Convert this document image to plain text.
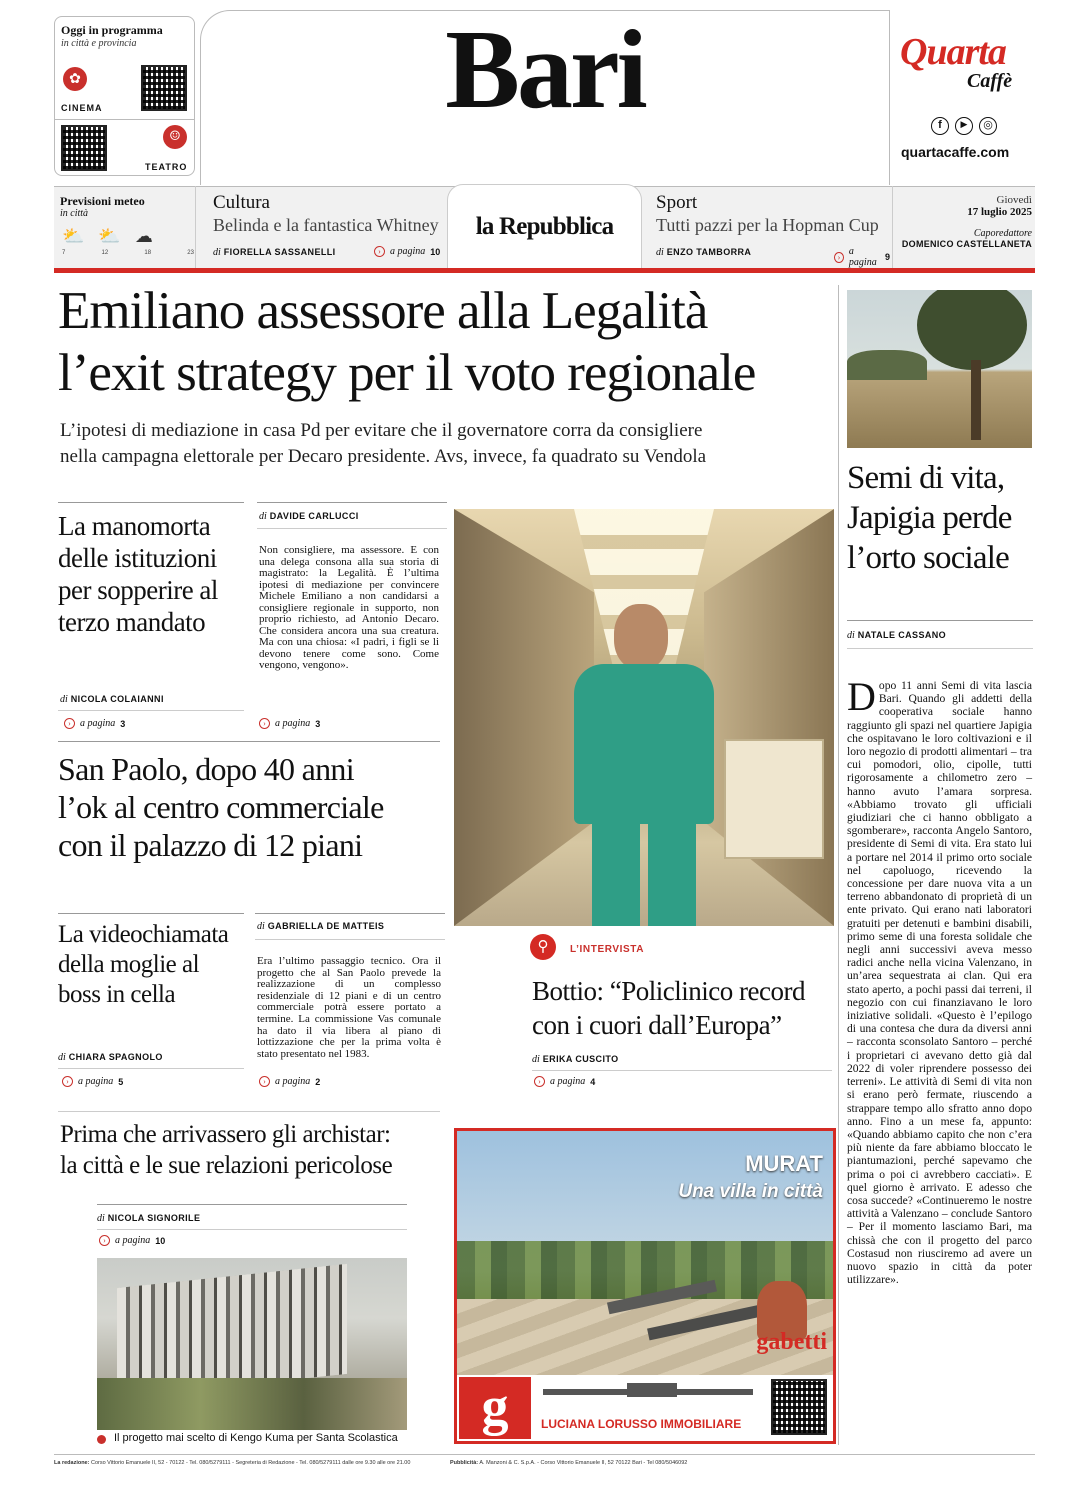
Oggi in programma
in città e provincia
✿
CINEMA
☺
TEATRO
Bari	Quarta
Caffè
f	▶	◎
quartacaffe.com
Previsioni meteo
in città
⛅ ⛅ ☁
7	12	18	23
Cultura
Belinda e la fantastica Whitney
di FIORELLA SASSANELLI	› a pagina 10
la Repubblica
Sport
Tutti pazzi per la Hopman Cup
di ENZO TAMBORRA	› a pagina 9
Giovedì
17 luglio 2025
Caporedattore
DOMENICO CASTELLANETA
Emiliano assessore alla Legalità
l’exit strategy per il voto regionale
L’ipotesi di mediazione in casa Pd per evitare che il governatore corra da consigliere
nella campagna elettorale per Decaro presidente. Avs, invece, fa quadrato su Vendola
La manomorta delle istituzioni per sopperire al terzo mandato
di NICOLA COLAIANNI
› a pagina 3
di DAVIDE CARLUCCI
Non consigliere, ma assessore. E con una delega consona alla sua storia di magistrato: la Legalità. È l’ultima ipotesi di mediazione per convincere Michele Emiliano a non candidarsi a consigliere regionale in supporto, non proprio richiesto, ad Antonio Decaro. Che considera ancora una sua creatura. Ma con una chiosa: «I padri, i figli se li devono tenere come sono. Come vengono, vengono».
› a pagina 3
San Paolo, dopo 40 anni
l’ok al centro commerciale
con il palazzo di 12 piani
La videochiamata della moglie al boss in cella
di CHIARA SPAGNOLO
› a pagina 5
di GABRIELLA DE MATTEIS
Era l’ultimo passaggio tecnico. Ora il progetto che al San Paolo prevede la realizzazione di un complesso residenziale di 12 piani e di un centro commerciale potrà essere portato a termine. La commissione Vas comunale ha dato il via libera al piano di lottizzazione che per la prima volta è stato presentato nel 1983.
› a pagina 2
⚲	L’INTERVISTA
Bottio: “Policlinico record
con i cuori dall’Europa”
di ERIKA CUSCITO
› a pagina 4
Semi di vita,
Japigia perde
l’orto sociale
di NATALE CASSANO
Dopo 11 anni Semi di vita lascia Bari. Quando gli addetti della cooperativa sociale hanno raggiunto gli spazi nel quartiere Japigia che ospitavano le loro coltivazioni e il loro negozio di prodotti alimentari – tra cui pomodori, olio, cipolle, tutti rigorosamente a chilometro zero – hanno avuto l’amara sorpresa. «Abbiamo trovato gli ufficiali giudiziari che ci hanno obbligato a sgomberare», racconta Angelo Santoro, presidente di Semi di vita. Era stato lui a portare nel 2014 il primo orto sociale nel capoluogo, ricevendo la concessione per dare nuova vita a un terreno abbandonato di proprietà di un ente privato. Qui erano nati laboratori gratuiti per detenuti e bambini disabili, primo seme di una foresta solidale che negli anni successivi aveva messo radici anche nella vicina Valenzano, in un’area sequestrata ai clan. Qui era stato aperto, a pochi passi dai terreni, il negozio con cui finanziavano le loro iniziative solidali. «Questo è l’epilogo di una contesa che dura da diversi anni – racconta sconsolato Santoro – perché i proprietari ci avevano detto già dal 2022 di voler riprendere possesso dei terreni». Le attività di Semi di vita non si erano però fermate, riuscendo a strappare tempo allo sfratto anno dopo anno. Fino a un mese fa, appunto: «Quando abbiamo capito che non c’era più niente da fare abbiamo bloccato le piantumazioni, perché sapevamo che prima o poi ci avrebbero cacciati». E quel giorno è arrivato. E adesso che cosa succede? «Continueremo le nostre attività a Valenzano – conclude Santoro – Per il momento lasciamo Bari, ma chissà che con il progetto del parco Costasud non riusciremo ad avere un nuovo spazio in città da poter utilizzare».
Prima che arrivassero gli archistar:
la città e le sue relazioni pericolose
di NICOLA SIGNORILE
› a pagina 10
Il progetto mai scelto di Kengo Kuma per Santa Scolastica
MURAT
Una villa in città
gabetti
g	LUCIANA LORUSSO IMMOBILIARE
La redazione: Corso Vittorio Emanuele II, 52 - 70122 - Tel. 080/5279111 - Segreteria di Redazione - Tel. 080/5279111 dalle ore 9.30 alle ore 21.00	Pubblicità: A. Manzoni & C. S.p.A. - Corso Vittorio Emanuele II, 52 70122 Bari - Tel 080/5046092
